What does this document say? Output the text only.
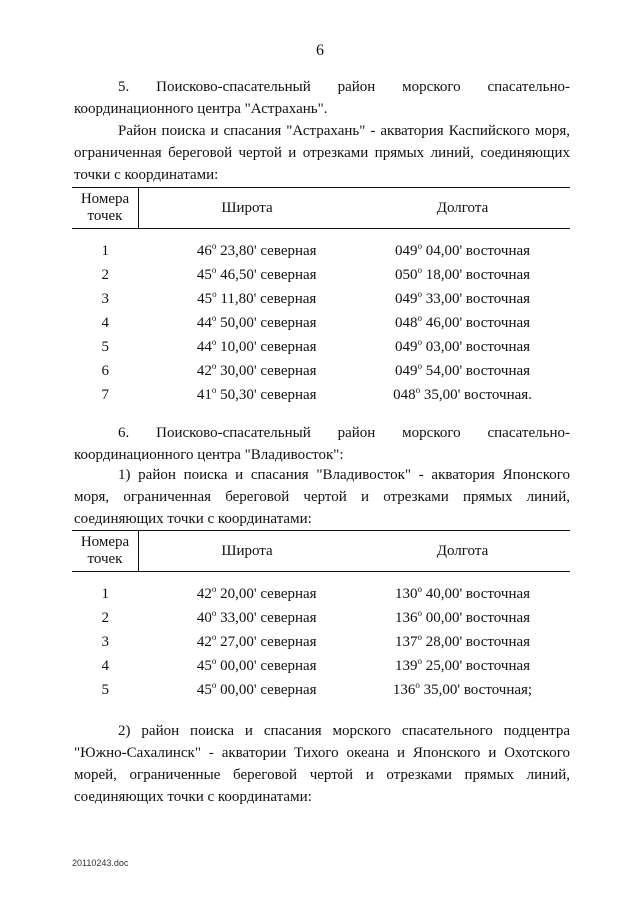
6
5. Поисково-спасательный район морского спасательно-
координационного центра "Астрахань".
Район поиска и спасания "Астрахань" - акватория Каспийского моря,
ограниченная береговой чертой и отрезками прямых линий, соединяющих
точки с координатами:
Номера точек	Широта	Долгота

1	46$^o$ 23,80' северная	049$^o$ 04,00' восточная
2	45$^o$ 46,50' северная	050$^o$ 18,00' восточная
3	45$^o$ 11,80' северная	049$^o$ 33,00' восточная
4	44$^o$ 50,00' северная	048$^o$ 46,00' восточная
5	44$^o$ 10,00' северная	049$^o$ 03,00' восточная
6	42$^o$ 30,00' северная	049$^o$ 54,00' восточная
7	41$^o$ 50,30' северная	048$^o$ 35,00' восточная.
6. Поисково-спасательный район морского спасательно-
координационного центра "Владивосток":
1) район поиска и спасания "Владивосток" - акватория Японского
моря, ограниченная береговой чертой и отрезками прямых линий,
соединяющих точки с координатами:
Номера точек	Широта	Долгота

1	42$^o$ 20,00' северная	130$^o$ 40,00' восточная
2	40$^o$ 33,00' северная	136$^o$ 00,00' восточная
3	42$^o$ 27,00' северная	137$^o$ 28,00' восточная
4	45$^o$ 00,00' северная	139$^o$ 25,00' восточная
5	45$^o$ 00,00' северная	136$^o$ 35,00' восточная;
2) район поиска и спасания морского спасательного подцентра
"Южно-Сахалинск" - акватории Тихого океана и Японского и Охотского
морей, ограниченные береговой чертой и отрезками прямых линий,
соединяющих точки с координатами:
20110243.doc
